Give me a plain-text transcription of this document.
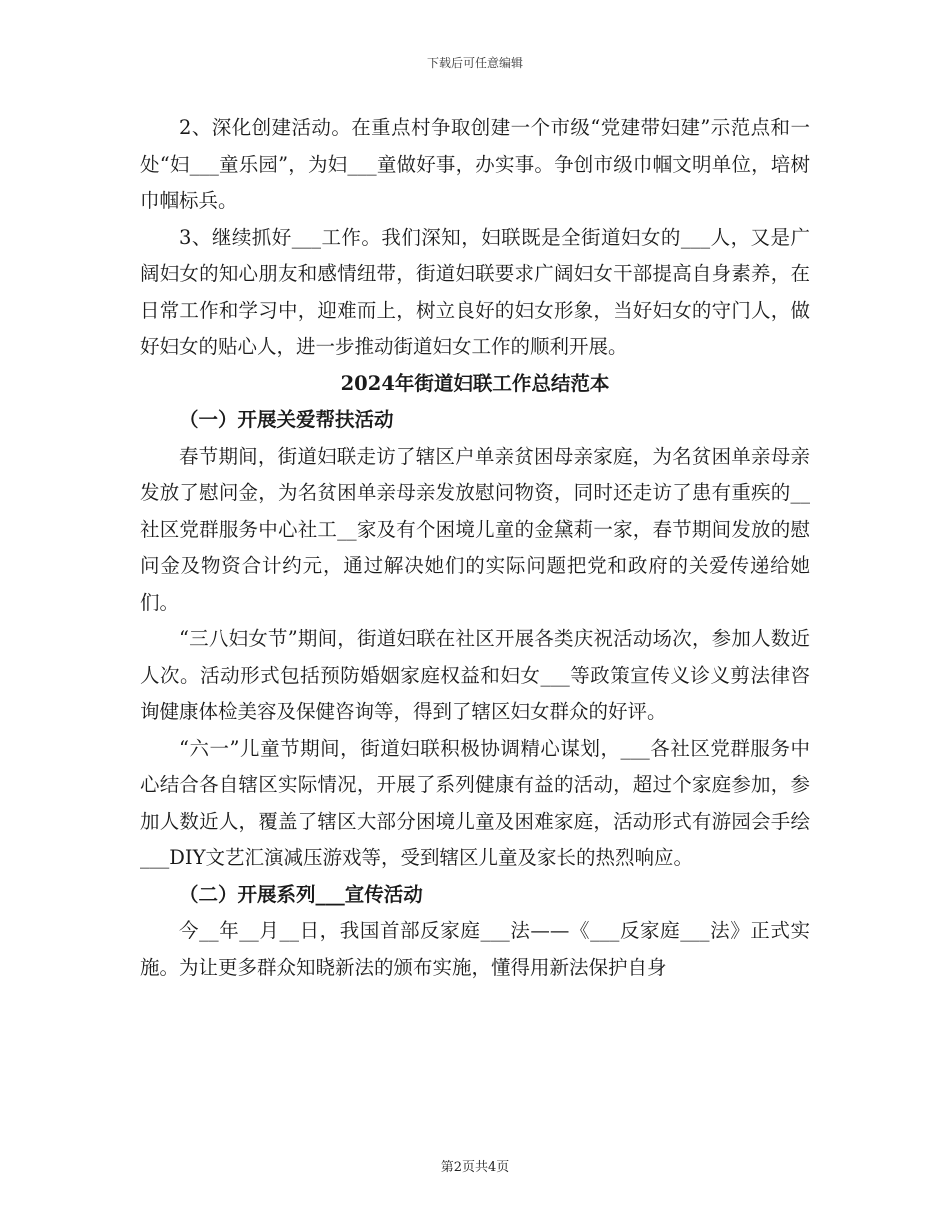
下载后可任意编辑

2、深化创建活动。在重点村争取创建一个市级“党建带妇建”示范点和一处“妇___童乐园”，为妇___童做好事，办实事。争创市级巾帼文明单位，培树巾帼标兵。

3、继续抓好___工作。我们深知，妇联既是全街道妇女的___人，又是广阔妇女的知心朋友和感情纽带，街道妇联要求广阔妇女干部提高自身素养，在日常工作和学习中，迎难而上，树立良好的妇女形象，当好妇女的守门人，做好妇女的贴心人，进一步推动街道妇女工作的顺利开展。

2024年街道妇联工作总结范本
（一）开展关爱帮扶活动

春节期间，街道妇联走访了辖区户单亲贫困母亲家庭，为名贫困单亲母亲发放了慰问金，为名贫困单亲母亲发放慰问物资，同时还走访了患有重疾的__社区党群服务中心社工__家及有个困境儿童的金黛莉一家，春节期间发放的慰问金及物资合计约元，通过解决她们的实际问题把党和政府的关爱传递给她们。

“三八妇女节”期间，街道妇联在社区开展各类庆祝活动场次，参加人数近人次。活动形式包括预防婚姻家庭权益和妇女___等政策宣传义诊义剪法律咨询健康体检美容及保健咨询等，得到了辖区妇女群众的好评。

“六一”儿童节期间，街道妇联积极协调精心谋划，___各社区党群服务中心结合各自辖区实际情况，开展了系列健康有益的活动，超过个家庭参加，参加人数近人，覆盖了辖区大部分困境儿童及困难家庭，活动形式有游园会手绘___DIY文艺汇演减压游戏等，受到辖区儿童及家长的热烈响应。

（二）开展系列___宣传活动

今__年__月__日，我国首部反家庭___法——《___反家庭___法》正式实施。为让更多群众知晓新法的颁布实施，懂得用新法保护自身

第2页共4页
